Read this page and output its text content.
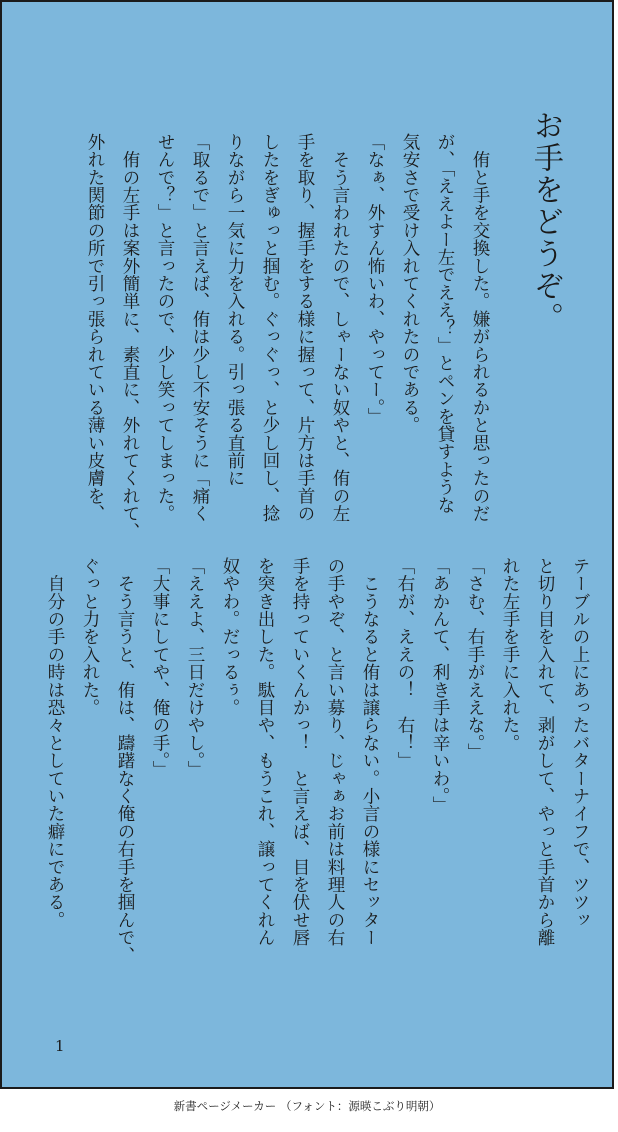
お手をどうぞ。
　侑と手を交換した。嫌がられるかと思ったのだ
が、「ええよー左でええ？」とペンを貸すような
気安さで受け入れてくれたのである。
「なぁ、外すん怖いわ、やってー。」
　そう言われたので、しゃーない奴やと、侑の左
手を取り、握手をする様に握って、片方は手首の
したをぎゅっと掴む。ぐっぐっ、と少し回し、捻
りながら一気に力を入れる。引っ張る直前に
「取るで」と言えば、侑は少し不安そうに「痛く
せんで？」と言ったので、少し笑ってしまった。
　侑の左手は案外簡単に、素直に、外れてくれて、
外れた関節の所で引っ張られている薄い皮膚を、
テーブルの上にあったバターナイフで、ツツッ
と切り目を入れて、剥がして、やっと手首から離
れた左手を手に入れた。
「さむ、右手がええな。」
「あかんて、利き手は辛いわ。」
「右が、ええの！　右！」
　こうなると侑は譲らない。小言の様にセッター
の手やぞ、と言い募り、じゃぁお前は料理人の右
手を持っていくんかっ！　と言えば、目を伏せ唇
を突き出した。駄目や、もうこれ、譲ってくれん
奴やわ。だっるぅ。
「ええよ、三日だけやし。」
「大事にしてや、俺の手。」
　そう言うと、侑は、躊躇なく俺の右手を掴んで、
ぐっと力を入れた。
　自分の手の時は恐々としていた癖にである。
1
新書ページメーカー （フォント：源暎こぶり明朝）
